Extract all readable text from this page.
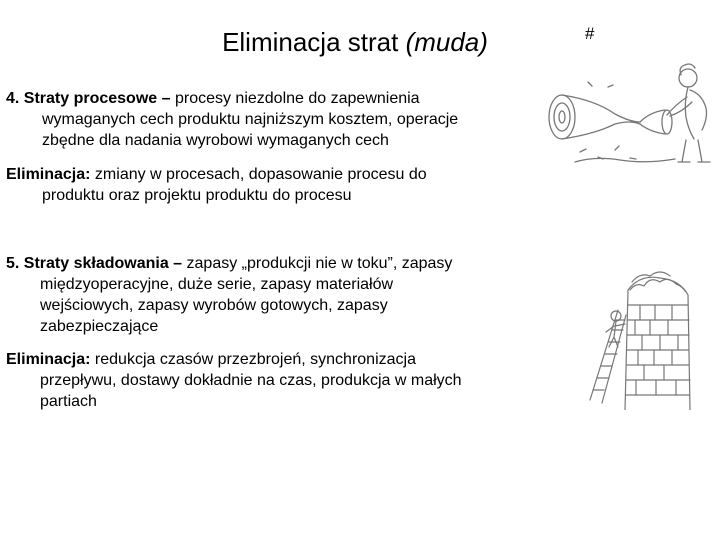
Eliminacja strat (muda)	#

4. Straty procesowe – procesy niezdolne do zapewnienia
wymaganych cech produktu najniższym kosztem, operacje
zbędne dla nadania wyrobowi wymaganych cech

Eliminacja: zmiany w procesach, dopasowanie procesu do
produktu oraz projektu produktu do procesu

5. Straty składowania – zapasy „produkcji nie w toku”, zapasy
międzyoperacyjne, duże serie, zapasy materiałów
wejściowych, zapasy wyrobów gotowych, zapasy
zabezpieczające

Eliminacja: redukcja czasów przezbrojeń, synchronizacja
przepływu, dostawy dokładnie na czas, produkcja w małych
partiach
